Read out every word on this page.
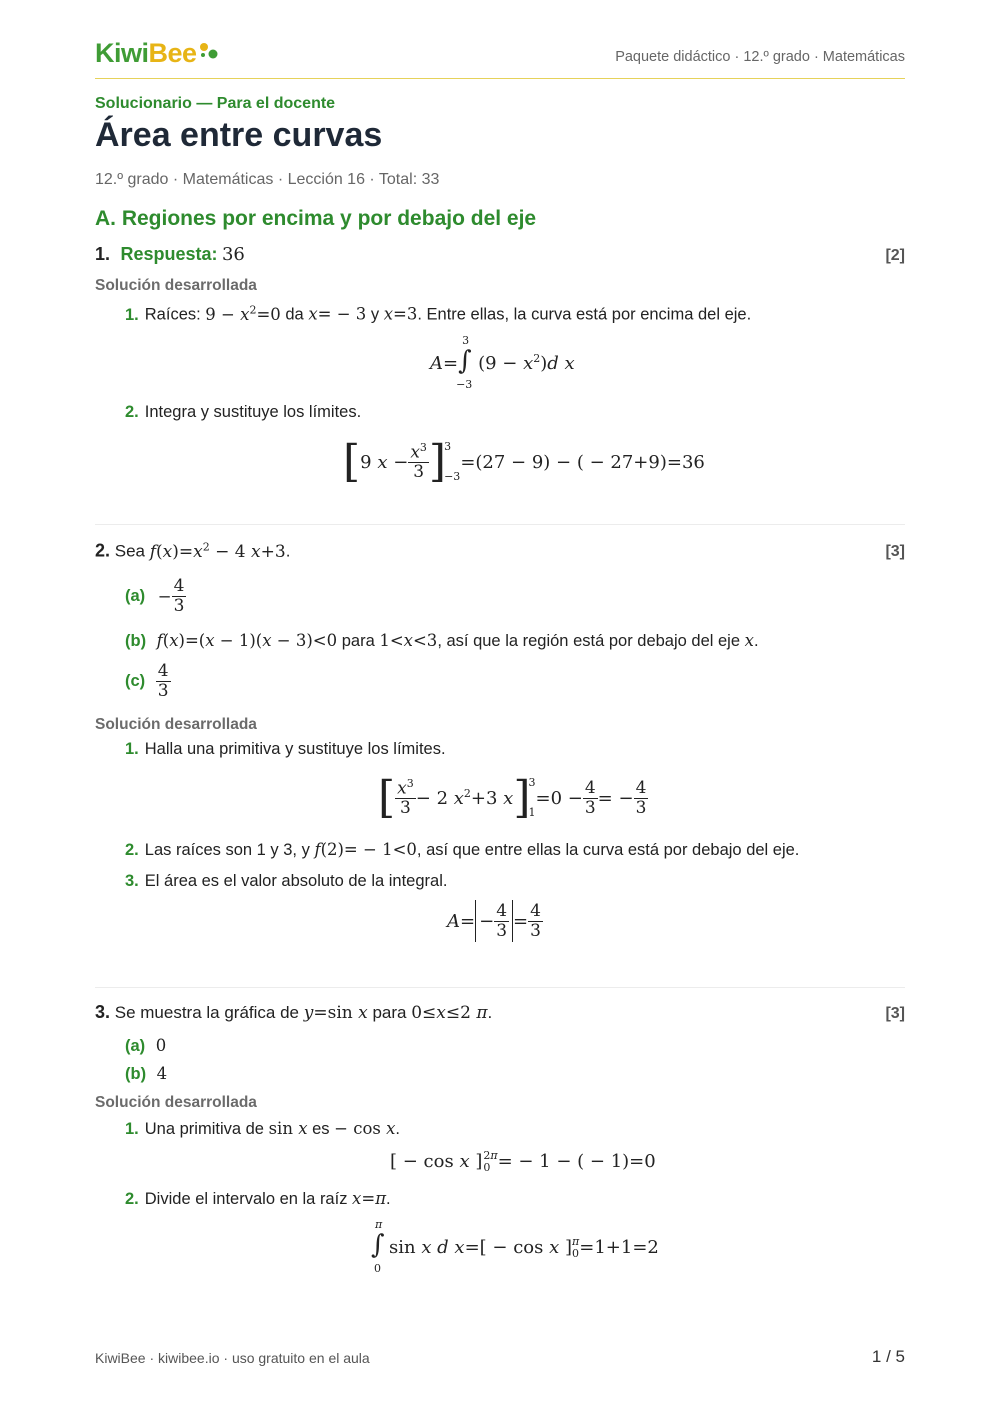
KiwiBee	Paquete didáctico · 12.º grado · Matemáticas
Solucionario — Para el docente
Área entre curvas
12.º grado · Matemáticas · Lección 16 · Total: 33
A. Regiones por encima y por debajo del eje
1. Respuesta: 36	[2]
Solución desarrollada
1. Raíces: $9 - x^2=0$ da x= − 3 y x=3. Entre ellas, la curva está por encima del eje.
A=
3
∫
−3
$(9 - x^2)d$ x
2. Integra y sustituye los límites.
[9 $x - \frac{x^3}{3} ]3$
−3=(27 − 9) − ( − 27+9)=36
2. Sea $f(x)=x^2 - 4$ x+3.	[3]
$(a) - \frac{4}{3}$
(b) f(x)=(x − 1)(x − 3)<0 para 1<x<3, así que la región está por debajo del eje x.
$(c) \frac{4}{3}$
Solución desarrollada
1. Halla una primitiva y sustituye los límites.
[ $\frac{x^3}{3} - 2$ $x^2+3$ x]3
$1=0 - \frac{4}{3}$ = − $\frac{4}{3}$
2. Las raíces son 1 y 3, y f(2)= − 1<0, así que entre ellas la curva está por debajo del eje.
3. El área es el valor absoluto de la integral.
$A=- \frac{4}{3} = \frac{4}{3}$
3. Se muestra la gráfica de y=sin x para 0≤x≤2 π.	[3]
(a) 0
(b) 4
Solución desarrollada
1. Una primitiva de sin x es − cos x.
[ − cos x ]2π
0 = − 1 − ( − 1)=0
2. Divide el intervalo en la raíz x=π.
π
∫
0
sin x d x=[ − cos x ]π
0=1+1=2
KiwiBee · kiwibee.io · uso gratuito en el aula	1 / 5
